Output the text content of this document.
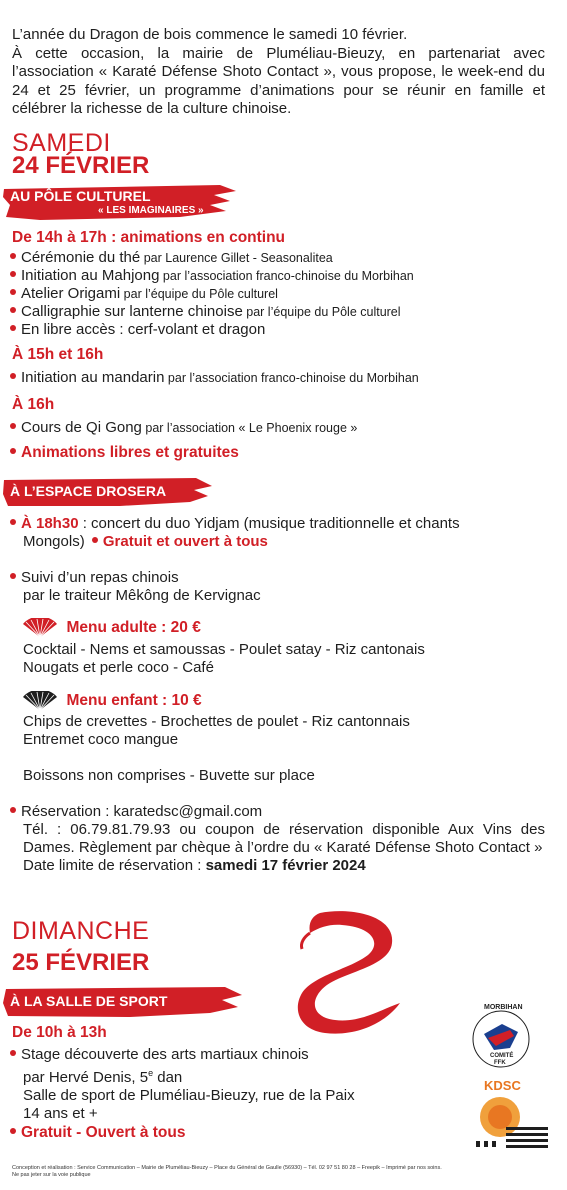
L’année du Dragon de bois commence le samedi 10 février.
À cette occasion, la mairie de Pluméliau-Bieuzy, en partenariat avec l’association « Karaté Défense Shoto Contact », vous propose, le week-end du 24 et 25 février, un programme d’animations pour se réunir en famille et célébrer la richesse de la culture chinoise.
SAMEDI
24 FÉVRIER
AU PÔLE CULTUREL
« LES IMAGINAIRES »
De 14h à 17h : animations en continu
Cérémonie du thé par Laurence Gillet - Seasonalitea
Initiation au Mahjong par l’association franco-chinoise du Morbihan
Atelier Origami par l’équipe du Pôle culturel
Calligraphie sur lanterne chinoise par l’équipe du Pôle culturel
En libre accès : cerf-volant et dragon
À 15h et 16h
Initiation au mandarin par l’association franco-chinoise du Morbihan
À 16h
Cours de Qi Gong par l’association « Le Phoenix rouge »
Animations libres et gratuites
À L’ESPACE DROSERA
À 18h30 : concert du duo Yidjam (musique traditionnelle et chants
Mongols) Gratuit et ouvert à tous
Suivi d’un repas chinois
par le traiteur Mêkông de Kervignac
Menu adulte : 20 €
Cocktail - Nems et samoussas - Poulet satay - Riz cantonais
Nougats et perle coco - Café
Menu enfant : 10 €
Chips de crevettes - Brochettes de poulet - Riz cantonnais
Entremet coco mangue
Boissons non comprises - Buvette sur place
Réservation : karatedsc@gmail.com
Tél. : 06.79.81.79.93 ou coupon de réservation disponible Aux Vins des Dames. Règlement par chèque à l’ordre du « Karaté Défense Shoto Contact »
Date limite de réservation : samedi 17 février 2024
DIMANCHE
25 FÉVRIER
À LA SALLE DE SPORT
De 10h à 13h
Stage découverte des arts martiaux chinois
par Hervé Denis, 5e dan
Salle de sport de Pluméliau-Bieuzy, rue de la Paix
14 ans et +
Gratuit - Ouvert à tous
MORBIHAN
COMITÉ
FFK
KDSC
Conception et réalisation : Service Communication – Mairie de Pluméliau-Bieuzy – Place du Général de Gaulle (56930) – Tél. 02 97 51 80 28 – Freepik – Imprimé par nos soins.
Ne pas jeter sur la voie publique
